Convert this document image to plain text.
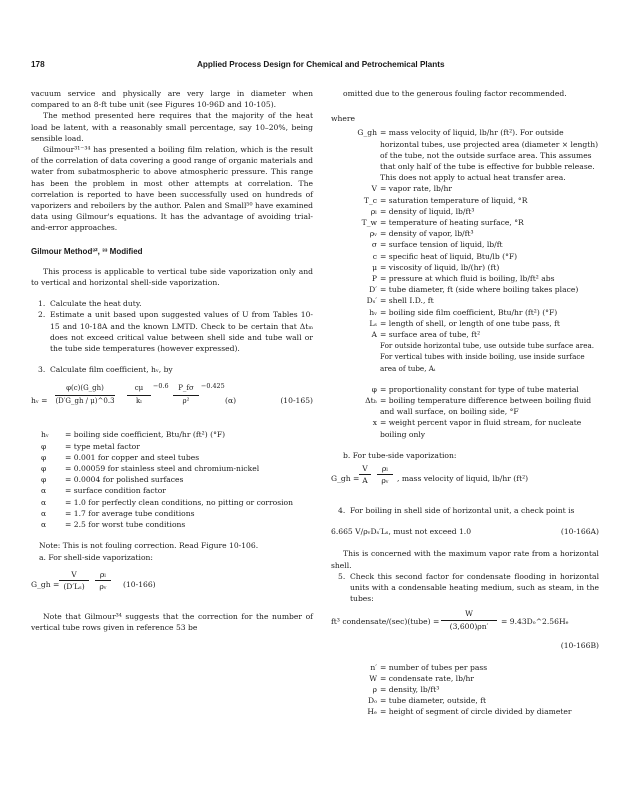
178	Applied Process Design for Chemical and Petrochemical Plants

vacuum service and physically are very large in diameter when compared to an 8-ft tube unit (see Figures 10-96D and 10-105).

The method presented here requires that the majority of the heat load be latent, with a reasonably small percentage, say 10–20%, being sensible load.

Gilmour³¹⁻³⁴ has presented a boiling film relation, which is the result of the correlation of data covering a good range of organic materials and water from subatmospheric to above atmospheric pressure. This range has been the problem in most other attempts at correlation. The correlation is reported to have been successfully used on hundreds of vaporizers and reboilers by the author. Palen and Small⁵⁰ have examined data using Gilmour's equations. It has the advantage of avoiding trial-and-error approaches.

Gilmour Method³², ³³ Modified

This process is applicable to vertical tube side vaporization only and to vertical and horizontal shell-side vaporization.

1. Calculate the heat duty.
2. Estimate a unit based upon suggested values of U from Tables 10-15 and 10-18A and the known LMTD. Check to be certain that Δtₘ does not exceed critical value between shell side and tube wall or the tube side temperatures (however expressed).
3. Calculate film coefficient, hᵥ, by
hᵥ = $\frac{\varphi(c)(G\_gh)}{(D'G\_gh / \mu)\^{}0.3} \frac{c\mu}{\text{kₗ}} -0.6 \frac{P\_f\sigma}{\text{ρ²}} -0.425$
(α)	(10-165)
hᵥ	= boiling side coefficient, Btu/hr (ft²) (°F)
φ	= type metal factor
φ	= 0.001 for copper and steel tubes
φ	= 0.00059 for stainless steel and chromium-nickel
φ	= 0.0004 for polished surfaces
α	= surface condition factor
α	= 1.0 for perfectly clean conditions, no pitting or corrosion
α	= 1.7 for average tube conditions
α	= 2.5 for worst tube conditions

Note: This is not fouling correction. Read Figure 10-106.

a. For shell-side vaporization:

G_gh = $\frac{V}{\text{(D′Lₛ)}} \frac{\text{ρₗ}}{\text{ρᵥ}} (10-166)$

Note that Gilmour³⁴ suggests that the correction for the number of vertical tube rows given in reference 53 be

omitted due to the generous fouling factor recommended.

where
G_gh = mass velocity of liquid, lb/hr (ft²). For outside horizontal tubes, use projected area (diameter × length) of the tube, not the outside surface area. This assumes that only half of the tube is effective for bubble release. This does not apply to actual heat transfer area.
V = vapor rate, lb/hr
T_c = saturation temperature of liquid, °R
ρₗ = density of liquid, lb/ft³
T_w = temperature of heating surface, °R
ρᵥ = density of vapor, lb/ft³
σ = surface tension of liquid, lb/ft
c = specific heat of liquid, Btu/lb (°F)
μ = viscosity of liquid, lb/(hr) (ft)
P = pressure at which fluid is boiling, lb/ft² abs
D′ = tube diameter, ft (side where boiling takes place)
Dₛ′ = shell I.D., ft
hᵥ = boiling side film coefficient, Btu/hr (ft²) (°F)
Lₛ = length of shell, or length of one tube pass, ft
A = surface area of tube, ft²
For outside horizontal tube, use outside tube surface area. For vertical tubes with inside boiling, use inside surface area of tube, Aᵢ
φ = proportionality constant for type of tube material
Δtₕ = boiling temperature difference between boiling fluid and wall surface, on boiling side, °F
x = weight percent vapor in fluid stream, for nucleate boiling only

b. For tube-side vaporization:

G_gh = $\frac{V}{A} \frac{\text{ρₗ}}{\text{ρᵥ}}$ , mass velocity of liquid, lb/hr (ft²)
4. For boiling in shell side of horizontal unit, a check point is
6.665 V/ρᵥDₛ′Lₛ, must not exceed 1.0	(10-166A)

This is concerned with the maximum vapor rate from a horizontal shell.

5. Check this second factor for condensate flooding in horizontal units with a condensable heating medium, such as steam, in the tubes:
ft³ condensate/(sec)(tube) = $\frac{W}{(3,600)\rho n'}$ = 9.43Dₒ^2.56Hₑ
(10-166B)
n′ = number of tubes per pass
W = condensate rate, lb/hr
ρ = density, lb/ft³
Dₒ = tube diameter, outside, ft
Hₑ = height of segment of circle divided by diameter
